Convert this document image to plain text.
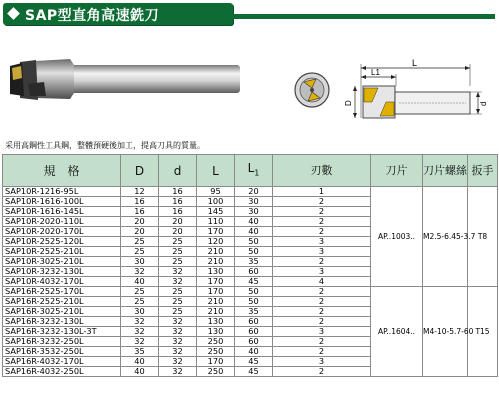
SAP型直角高速銑刀
L
L1
D	d
采用高鋼性工具鋼，整體預硬後加工，提高刀具的質量。
規　格	D	d	L	$L_1$	刃數	刀片	刀片螺絲	扳手
SAP10R-1216-95L	12	16	95	20	1	AP..1003..	M2.5-6.45-3.7	T8
SAP10R-1616-100L	16	16	100	30	2			
SAP10R-1616-145L	16	16	145	30	2			
SAP10R-2020-110L	20	20	110	40	2			
SAP10R-2020-170L	20	20	170	40	2			
SAP10R-2525-120L	25	25	120	50	3			
SAP10R-2525-210L	25	25	210	50	3			
SAP10R-3025-210L	30	25	210	35	2			
SAP10R-3232-130L	32	32	130	60	3			
SAP10R-4032-170L	40	32	170	45	4			
SAP16R-2525-170L	25	25	170	50	2	AP..1604..	M4-10-5.7-60	T15
SAP16R-2525-210L	25	25	210	50	2			
SAP16R-3025-210L	30	25	210	35	2			
SAP16R-3232-130L	32	32	130	60	2			
SAP16R-3232-130L-3T	32	32	130	60	3			
SAP16R-3232-250L	32	32	250	60	2			
SAP16R-3532-250L	35	32	250	40	2			
SAP16R-4032-170L	40	32	170	45	3			
SAP16R-4032-250L	40	32	250	45	2			
